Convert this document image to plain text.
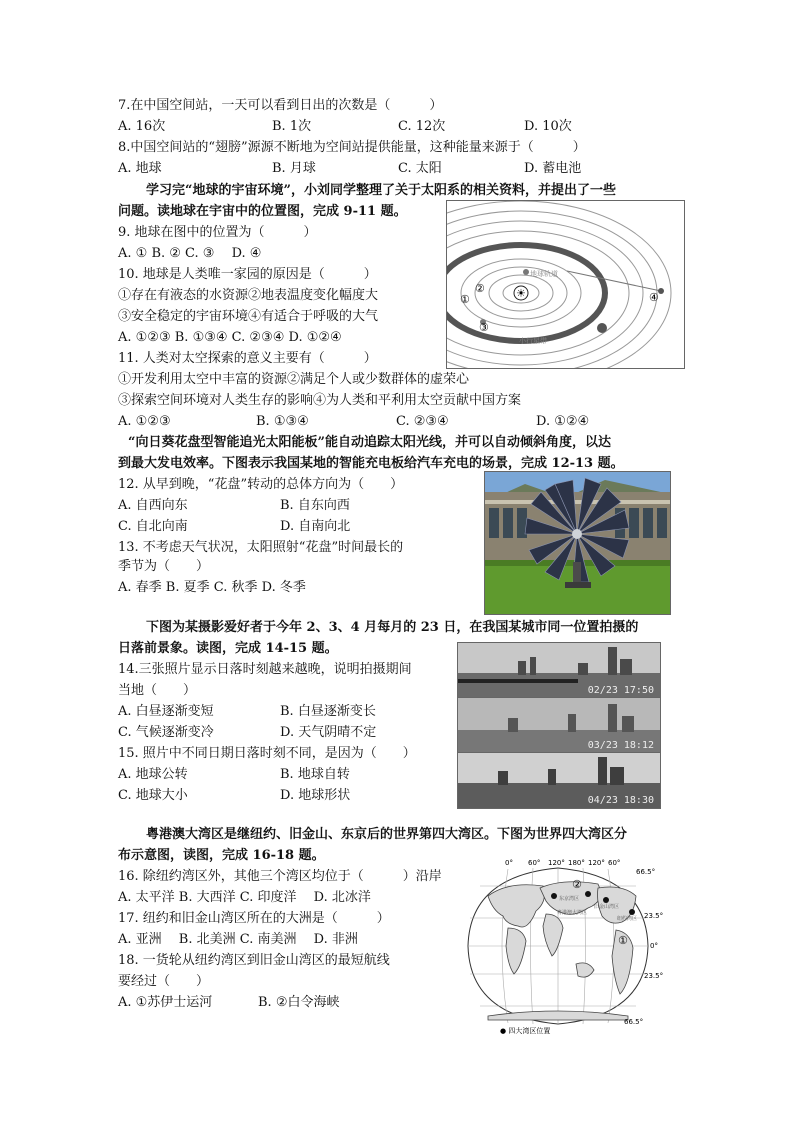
7.在中国空间站，一天可以看到日出的次数是（　　　）
A. 16次	B. 1次	C. 12次	D. 10次
8.中国空间站的“翅膀”源源不断地为空间站提供能量，这种能量来源于（　　　）
A. 地球	B. 月球	C. 太阳	D. 蓄电池
学习完“地球的宇宙环境”，小刘同学整理了关于太阳系的相关资料，并提出了一些
问题。读地球在宇宙中的位置图，完成 9-11 题。
☀
地球轨道
小行星带
①
②
③
④
9. 地球在图中的位置为（　　　）
A. ① B. ② C. ③　 D. ④
10. 地球是人类唯一家园的原因是（　　　）
①存在有液态的水资源②地表温度变化幅度大
③安全稳定的宇宙环境④有适合于呼吸的大气
A. ①②③ B. ①③④ C. ②③④ D. ①②④
11. 人类对太空探索的意义主要有（　　　）
①开发利用太空中丰富的资源②满足个人或少数群体的虚荣心
③探索空间环境对人类生存的影响④为人类和平利用太空贡献中国方案
A. ①②③	B. ①③④	C. ②③④	D. ①②④
“向日葵花盘型智能追光太阳能板”能自动追踪太阳光线，并可以自动倾斜角度，以达
到最大发电效率。下图表示我国某地的智能充电板给汽车充电的场景，完成 12-13 题。
12. 从早到晚，“花盘”转动的总体方向为（　　）
A. 自西向东	B. 自东向西
C. 自北向南	D. 自南向北
13. 不考虑天气状况，太阳照射“花盘”时间最长的
季节为（　　）
A. 春季 B. 夏季 C. 秋季 D. 冬季
下图为某摄影爱好者于今年 2、3、4 月每月的 23 日，在我国某城市同一位置拍摄的
日落前景象。读图，完成 14-15 题。
14.三张照片显示日落时刻越来越晚，说明拍摄期间
当地（　　）
A. 白昼逐渐变短	B. 白昼逐渐变长
C. 气候逐渐变冷	D. 天气阴晴不定
15. 照片中不同日期日落时刻不同，是因为（　　）
A. 地球公转	B. 地球自转
C. 地球大小	D. 地球形状
02/23 17:50
03/23 18:12
04/23 18:30
粤港澳大湾区是继纽约、旧金山、东京后的世界第四大湾区。下图为世界四大湾区分
布示意图，读图，完成 16-18 题。
16. 除纽约湾区外，其他三个湾区均位于（　　　）沿岸
A. 太平洋 B. 大西洋 C. 印度洋　 D. 北冰洋
17. 纽约和旧金山湾区所在的大洲是（　　　）
A. 亚洲　 B. 北美洲 C. 南美洲　 D. 非洲
18. 一货轮从纽约湾区到旧金山湾区的最短航线
要经过（　　）
A. ①苏伊士运河	B. ②白令海峡
0° 60° 120° 180° 120° 60°
粤港澳大湾区
东京湾区
旧金山湾区
纽约湾区
②
①
66.5°
23.5°
0°
23.5°
66.5°
● 四大湾区位置
